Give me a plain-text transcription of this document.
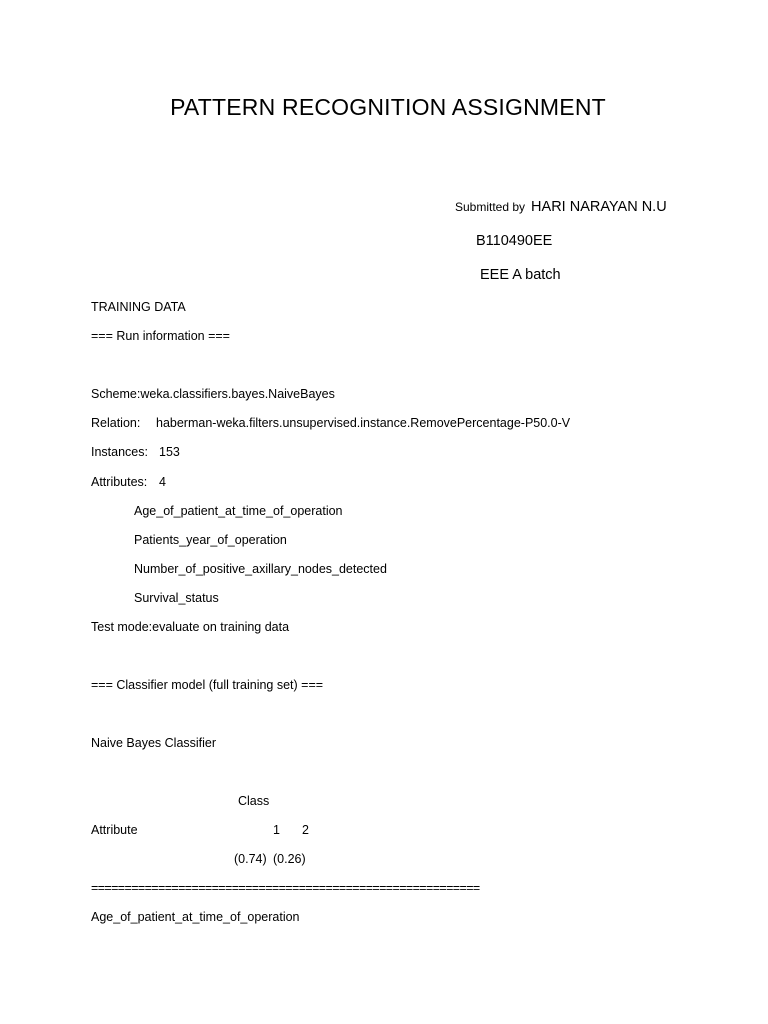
PATTERN RECOGNITION ASSIGNMENT
Submitted by HARI NARAYAN N.U
B110490EE
EEE A batch
TRAINING DATA
=== Run information ===
Scheme:weka.classifiers.bayes.NaiveBayes
Relation: haberman-weka.filters.unsupervised.instance.RemovePercentage-P50.0-V
Instances: 153
Attributes: 4
Age_of_patient_at_time_of_operation
Patients_year_of_operation
Number_of_positive_axillary_nodes_detected
Survival_status
Test mode:evaluate on training data
=== Classifier model (full training set) ===
Naive Bayes Classifier
Class
Attribute	1 2
(0.74) (0.26)
==========================================================
Age_of_patient_at_time_of_operation
